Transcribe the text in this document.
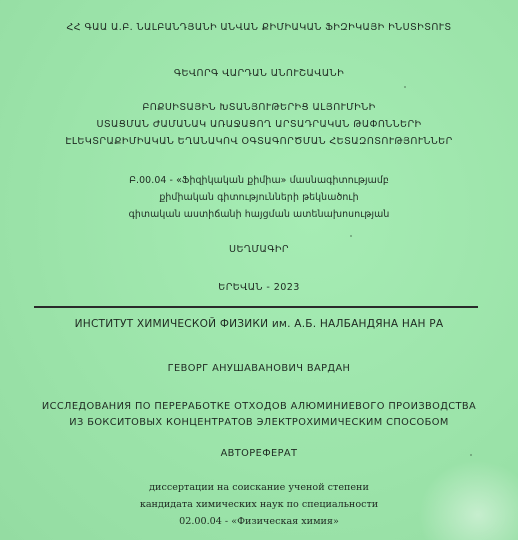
ՀՀ ԳԱԱ Ա.Բ. ՆԱԼԲԱՆԴՅԱՆԻ ԱՆՎԱՆ ՔԻՄԻԱԿԱՆ ՖԻԶԻԿԱՅԻ ԻՆՍՏԻՏՈՒՏ
ԳԵՎՈՐԳ ՎԱՐԴԱՆ ԱՆՈՒՇԱՎԱՆԻ
ԲՈՔՍԻՏԱՅԻՆ ԽՏԱՆՅՈՒԹԵՐԻՑ ԱԼՅՈՒՄԻՆԻ
ՍՏԱՑՄԱՆ ԺԱՄԱՆԱԿ ԱՌԱՋԱՑՈՂ ԱՐՏԱԴՐԱԿԱՆ ԹԱՓՈՆՆԵՐԻ
ԷԼԵԿՏՐԱՔԻՄԻԱԿԱՆ ԵՂԱՆԱԿՈՎ ՕԳՏԱԳՈՐԾՄԱՆ ՀԵՏԱԶՈՏՈՒԹՅՈՒՆՆԵՐ
Բ.00.04 - «Ֆիզիկական քիմիա» մասնագիտությամբ
քիմիական գիտությունների թեկնածուի
գիտական աստիճանի հայցման ատենախոսության
ՍԵՂՄԱԳԻՐ
ԵՐԵՎԱՆ - 2023
ИНСТИТУТ ХИМИЧЕСКОЙ ФИЗИКИ им. А.Б. НАЛБАНДЯНА НАН РА
ГЕВОРГ АНУШАВАНОВИЧ ВАРДАН
ИССЛЕДОВАНИЯ ПО ПЕРЕРАБОТКЕ ОТХОДОВ АЛЮМИНИЕВОГО ПРОИЗВОДСТВА
ИЗ БОКСИТОВЫХ КОНЦЕНТРАТОВ ЭЛЕКТРОХИМИЧЕСКИМ СПОСОБОМ
АВТОРЕФЕРАТ
диссертации на соискание ученой степени
кандидата химических наук по специальности
02.00.04 - «Физическая химия»
